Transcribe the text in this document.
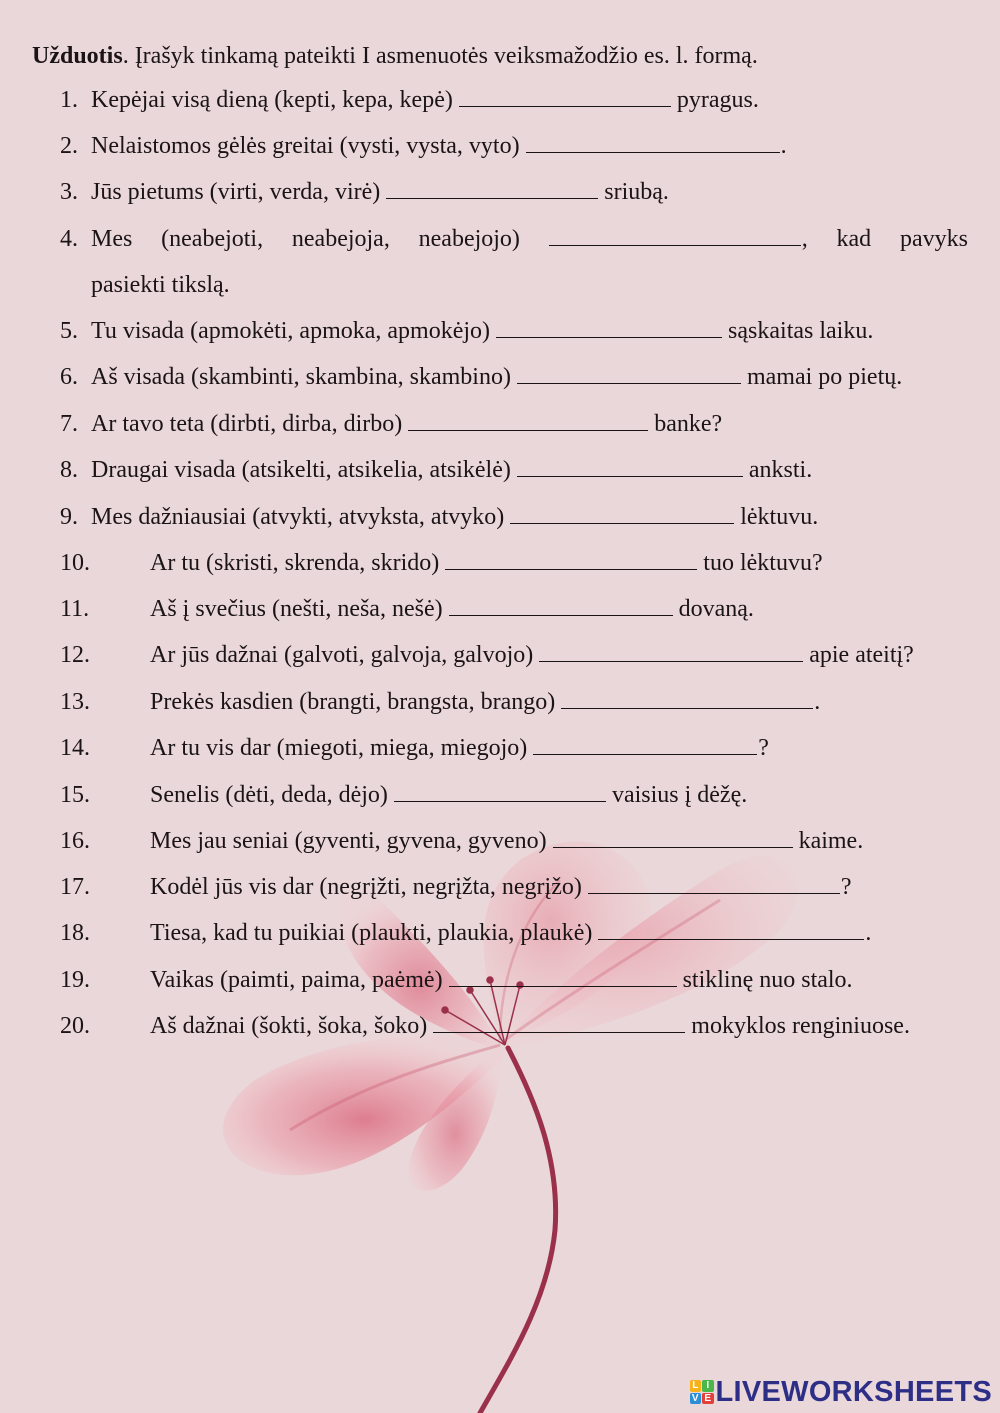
Užduotis. Įrašyk tinkamą pateikti I asmenuotės veiksmažodžio es. l. formą.
1. Kepėjai visą dieną (kepti, kepa, kepė)	pyragus.
2. Nelaistomos gėlės greitai (vysti, vysta, vyto)	.
3. Jūs pietums (virti, verda, virė)	sriubą.
4. Mes (neabejoti, neabejoja, neabejojo)	, kad pavyks
pasiekti tikslą.
5. Tu visada (apmokėti, apmoka, apmokėjo)	sąskaitas laiku.
6. Aš visada (skambinti, skambina, skambino)	mamai po pietų.
7. Ar tavo teta (dirbti, dirba, dirbo)	banke?
8. Draugai visada (atsikelti, atsikelia, atsikėlė)	anksti.
9. Mes dažniausiai (atvykti, atvyksta, atvyko)	lėktuvu.
10.	Ar tu (skristi, skrenda, skrido)	tuo lėktuvu?
11.	Aš į svečius (nešti, neša, nešė)	dovaną.
12.	Ar jūs dažnai (galvoti, galvoja, galvojo)	apie ateitį?
13.	Prekės kasdien (brangti, brangsta, brango)	.
14.	Ar tu vis dar (miegoti, miega, miegojo)	?
15.	Senelis (dėti, deda, dėjo)	vaisius į dėžę.
16.	Mes jau seniai (gyventi, gyvena, gyveno)	kaime.
17.	Kodėl jūs vis dar (negrįžti, negrįžta, negrįžo)	?
18.	Tiesa, kad tu puikiai (plaukti, plaukia, plaukė)	.
19.	Vaikas (paimti, paima, paėmė)	stiklinę nuo stalo.
20.	Aš dažnai (šokti, šoka, šoko)	mokyklos renginiuose.
L I
V E LIVEWORKSHEETS
